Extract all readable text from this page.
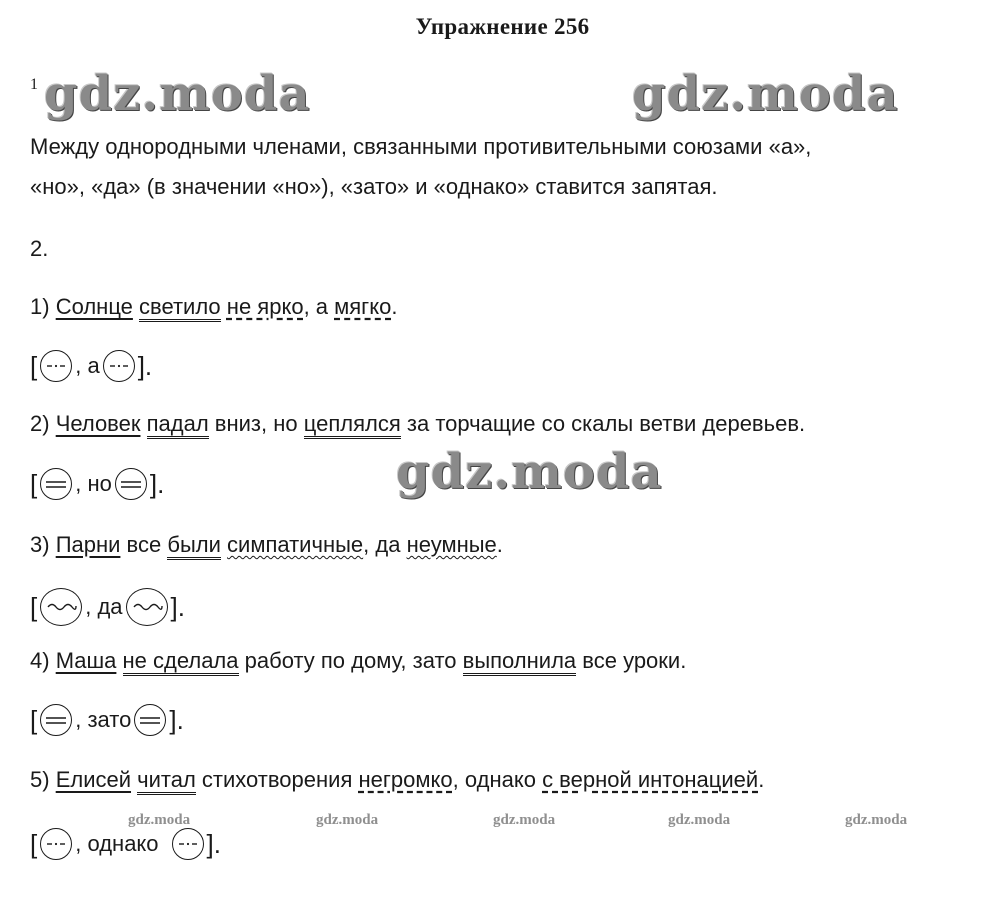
Упражнение 256
gdz.moda	gdz.moda
gdz.moda
1
Между однородными членами, связанными противительными союзами «а»,
«но», «да» (в значении «но»), «зато» и «однако» ставится запятая.
2.
1) Солнце светило не ярко, а мягко.
[ , а ].
2) Человек падал вниз, но цеплялся за торчащие со скалы ветви деревьев.
[ , но ].
3) Парни все были симпатичные, да неумные.
[ , да ].
4) Маша не сделала работу по дому, зато выполнила все уроки.
[ , зато ].
5) Елисей читал стихотворения негромко, однако с верной интонацией.
gdz.moda	gdz.moda	gdz.moda	gdz.moda	gdz.moda
[ , однако ].
